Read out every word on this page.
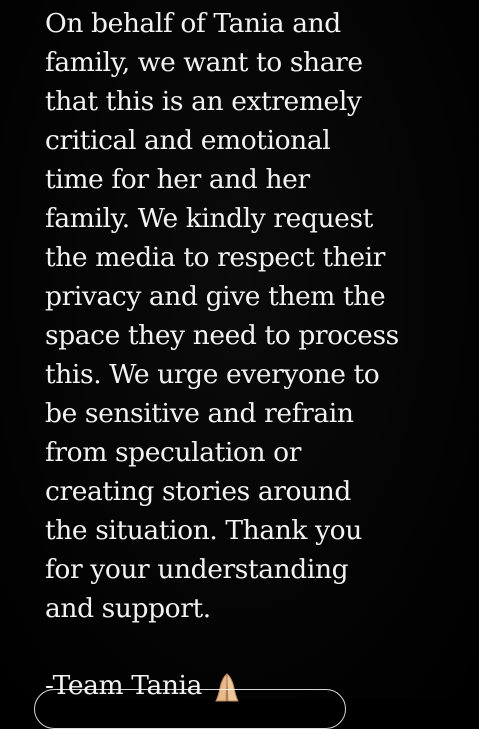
On behalf of Tania and
family, we want to share
that this is an extremely
critical and emotional
time for her and her
family. We kindly request
the media to respect their
privacy and give them the
space they need to process
this. We urge everyone to
be sensitive and refrain
from speculation or
creating stories around
the situation. Thank you
for your understanding
and support.
-Team Tania
